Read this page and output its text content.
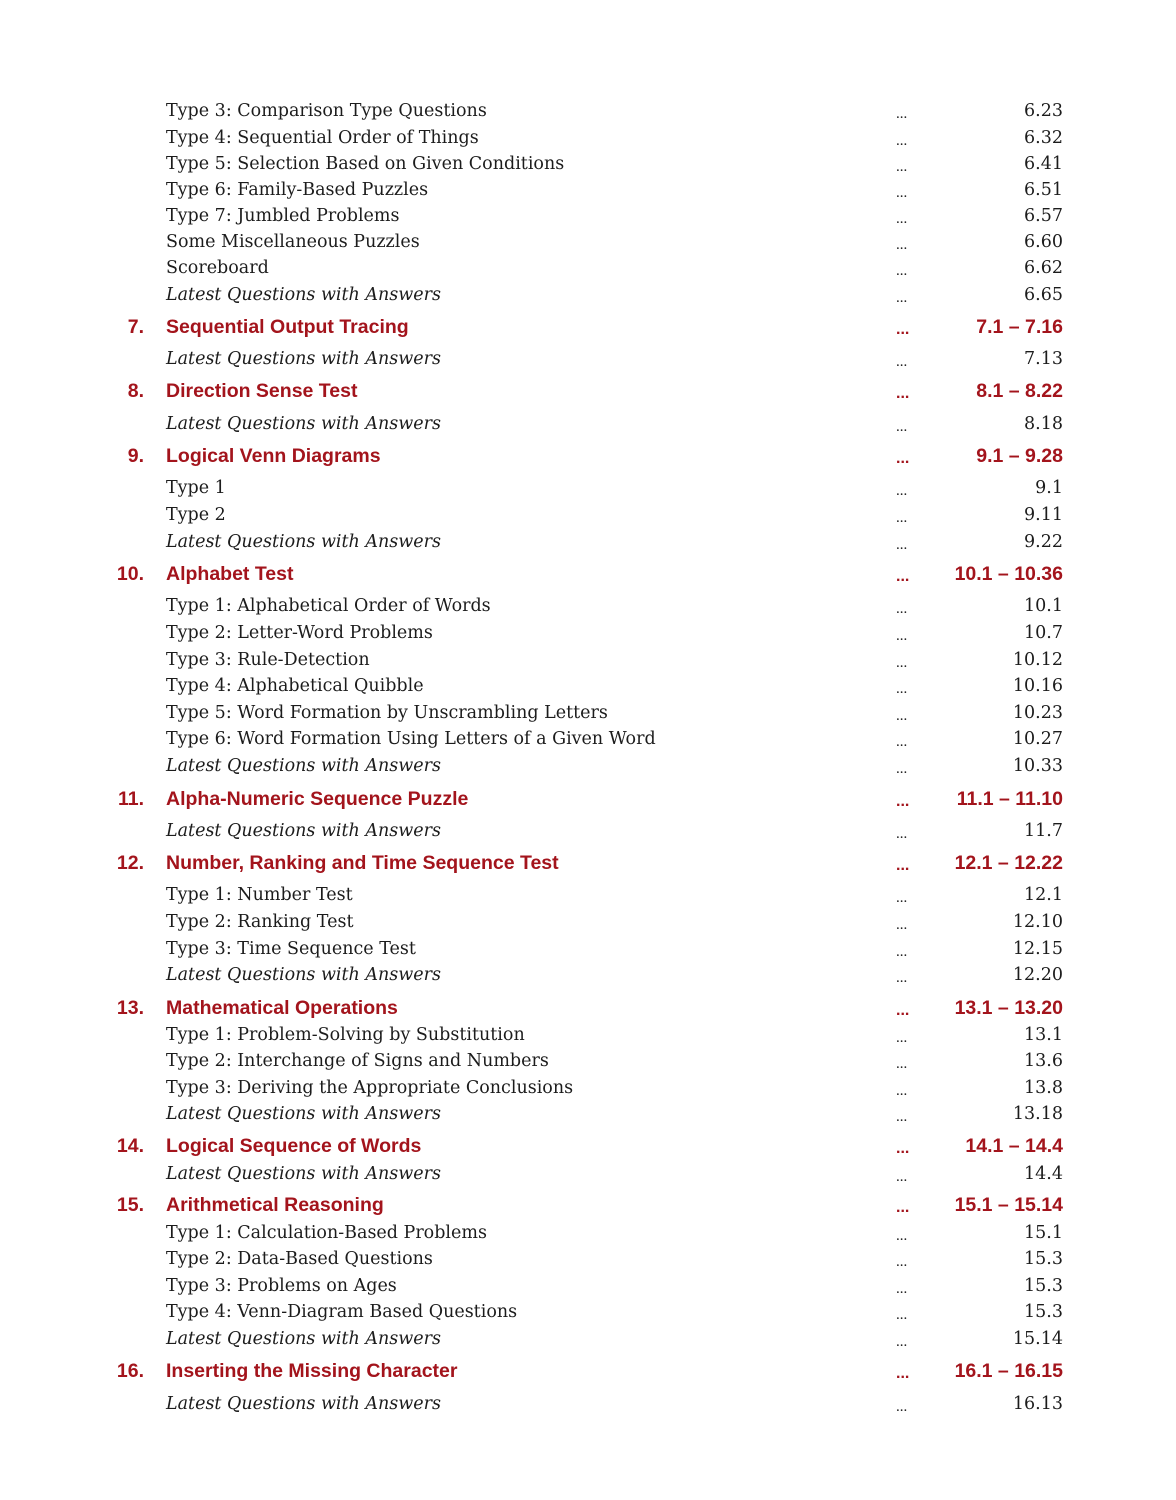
Type 3: Comparison Type Questions	...	6.23
Type 4: Sequential Order of Things	...	6.32
Type 5: Selection Based on Given Conditions	...	6.41
Type 6: Family-Based Puzzles	...	6.51
Type 7: Jumbled Problems	...	6.57
Some Miscellaneous Puzzles	...	6.60
Scoreboard	...	6.62
Latest Questions with Answers	...	6.65
7. Sequential Output Tracing	...	7.1 – 7.16
Latest Questions with Answers	...	7.13
8. Direction Sense Test	...	8.1 – 8.22
Latest Questions with Answers	...	8.18
9. Logical Venn Diagrams	...	9.1 – 9.28
Type 1	...	9.1
Type 2	...	9.11
Latest Questions with Answers	...	9.22
10. Alphabet Test	... 10.1 – 10.36
Type 1: Alphabetical Order of Words	...	10.1
Type 2: Letter-Word Problems	...	10.7
Type 3: Rule-Detection	...	10.12
Type 4: Alphabetical Quibble	...	10.16
Type 5: Word Formation by Unscrambling Letters	...	10.23
Type 6: Word Formation Using Letters of a Given Word	...	10.27
Latest Questions with Answers	...	10.33
11. Alpha-Numeric Sequence Puzzle	... 11.1 – 11.10
Latest Questions with Answers	...	11.7
12. Number, Ranking and Time Sequence Test	... 12.1 – 12.22
Type 1: Number Test	...	12.1
Type 2: Ranking Test	...	12.10
Type 3: Time Sequence Test	...	12.15
Latest Questions with Answers	...	12.20
13. Mathematical Operations	... 13.1 – 13.20
Type 1: Problem-Solving by Substitution	...	13.1
Type 2: Interchange of Signs and Numbers	...	13.6
Type 3: Deriving the Appropriate Conclusions	...	13.8
Latest Questions with Answers	...	13.18
14. Logical Sequence of Words	...	14.1 – 14.4
Latest Questions with Answers	...	14.4
15. Arithmetical Reasoning	... 15.1 – 15.14
Type 1: Calculation-Based Problems	...	15.1
Type 2: Data-Based Questions	...	15.3
Type 3: Problems on Ages	...	15.3
Type 4: Venn-Diagram Based Questions	...	15.3
Latest Questions with Answers	...	15.14
16. Inserting the Missing Character	... 16.1 – 16.15
Latest Questions with Answers	...	16.13
